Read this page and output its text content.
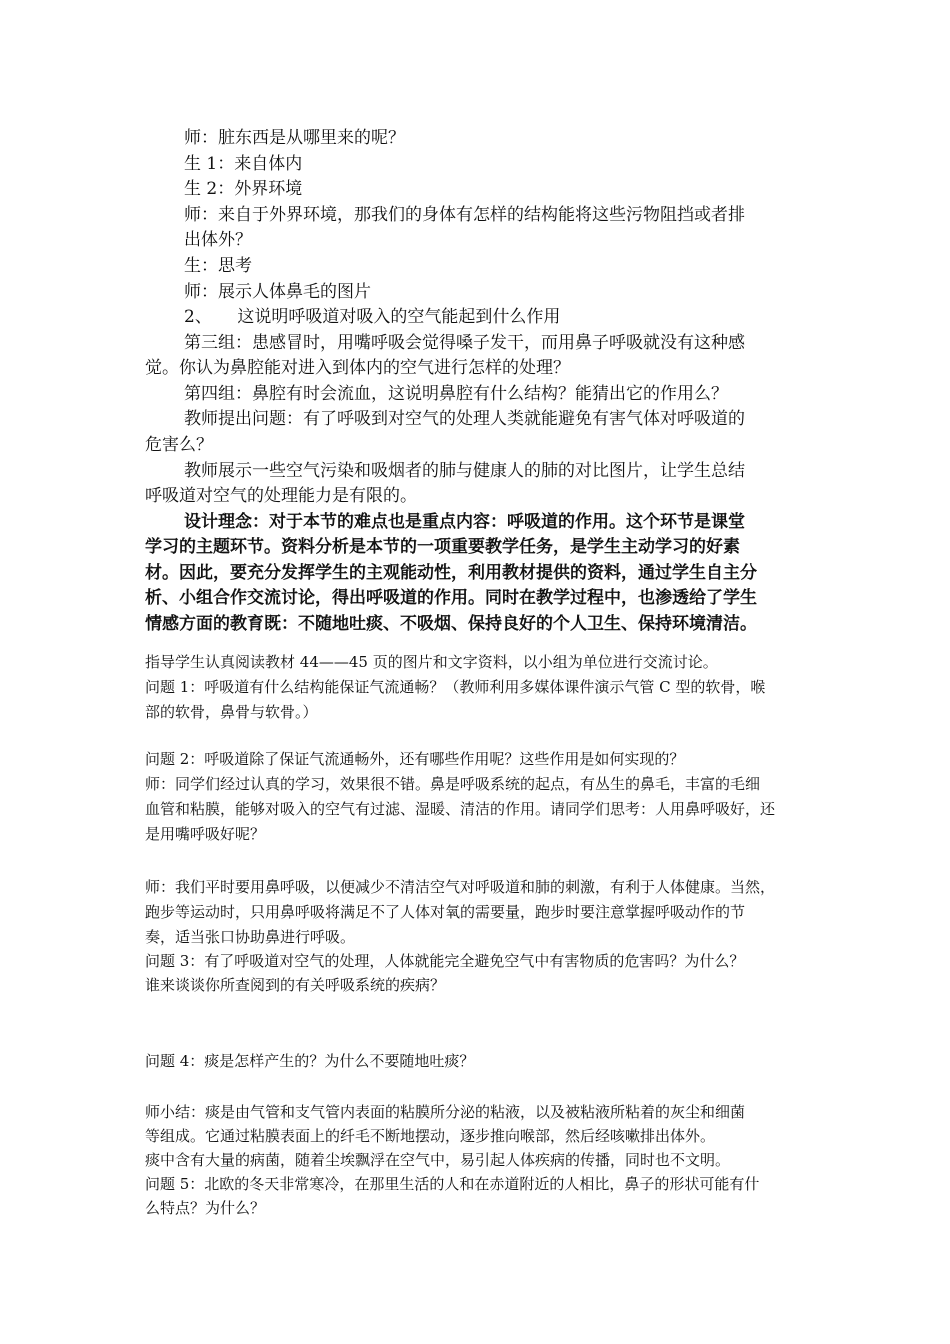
师：脏东西是从哪里来的呢？
生 1：来自体内
生 2：外界环境
师：来自于外界环境，那我们的身体有怎样的结构能将这些污物阻挡或者排
出体外？
生：思考
师：展示人体鼻毛的图片
2、　　这说明呼吸道对吸入的空气能起到什么作用
第三组：患感冒时，用嘴呼吸会觉得嗓子发干，而用鼻子呼吸就没有这种感
觉。你认为鼻腔能对进入到体内的空气进行怎样的处理？
第四组：鼻腔有时会流血，这说明鼻腔有什么结构？能猜出它的作用么？
教师提出问题：有了呼吸到对空气的处理人类就能避免有害气体对呼吸道的
危害么？
教师展示一些空气污染和吸烟者的肺与健康人的肺的对比图片，让学生总结
呼吸道对空气的处理能力是有限的。
设计理念：对于本节的难点也是重点内容：呼吸道的作用。这个环节是课堂
学习的主题环节。资料分析是本节的一项重要教学任务，是学生主动学习的好素
材。因此，要充分发挥学生的主观能动性，利用教材提供的资料，通过学生自主分
析、小组合作交流讨论，得出呼吸道的作用。同时在教学过程中，也渗透给了学生
情感方面的教育既：不随地吐痰、不吸烟、保持良好的个人卫生、保持环境清洁。
指导学生认真阅读教材 44——45 页的图片和文字资料，以小组为单位进行交流讨论。
问题 1：呼吸道有什么结构能保证气流通畅？（教师利用多媒体课件演示气管 C 型的软骨，喉
部的软骨，鼻骨与软骨。）
问题 2：呼吸道除了保证气流通畅外，还有哪些作用呢？这些作用是如何实现的？
师：同学们经过认真的学习，效果很不错。鼻是呼吸系统的起点，有丛生的鼻毛，丰富的毛细
血管和粘膜，能够对吸入的空气有过滤、湿暖、清洁的作用。请同学们思考：人用鼻呼吸好，还
是用嘴呼吸好呢？
师：我们平时要用鼻呼吸，以便减少不清洁空气对呼吸道和肺的刺激，有利于人体健康。当然，
跑步等运动时，只用鼻呼吸将满足不了人体对氧的需要量，跑步时要注意掌握呼吸动作的节
奏，适当张口协助鼻进行呼吸。
问题 3：有了呼吸道对空气的处理，人体就能完全避免空气中有害物质的危害吗？为什么？
谁来谈谈你所查阅到的有关呼吸系统的疾病？
问题 4：痰是怎样产生的？为什么不要随地吐痰？
师小结：痰是由气管和支气管内表面的粘膜所分泌的粘液，以及被粘液所粘着的灰尘和细菌
等组成。它通过粘膜表面上的纤毛不断地摆动，逐步推向喉部，然后经咳嗽排出体外。
痰中含有大量的病菌，随着尘埃飘浮在空气中，易引起人体疾病的传播，同时也不文明。
问题 5：北欧的冬天非常寒冷，在那里生活的人和在赤道附近的人相比，鼻子的形状可能有什
么特点？为什么？
